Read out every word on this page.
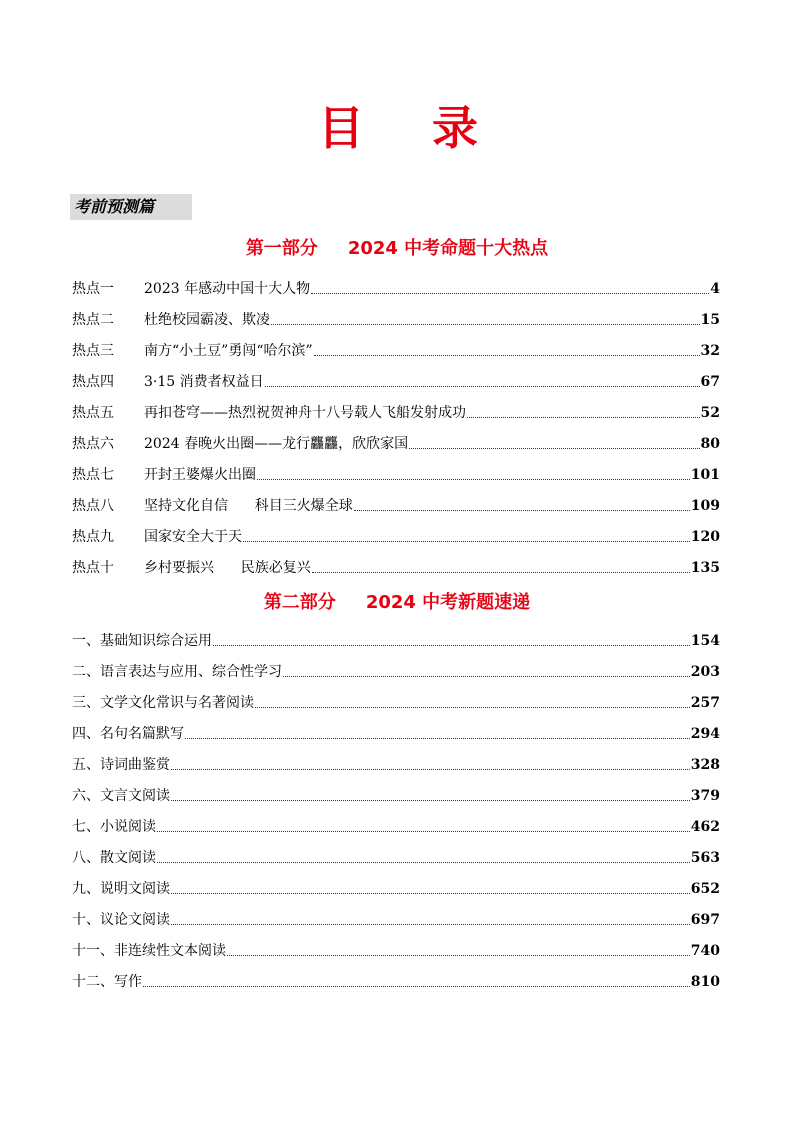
目 录
考前预测篇
第一部分 2024 中考命题十大热点
热点一	2023 年感动中国十大人物	4
热点二	杜绝校园霸凌、欺凌	15
热点三	南方“小土豆”勇闯“哈尔滨”	32
热点四	3·15 消费者权益日	67
热点五	再扣苍穹——热烈祝贺神舟十八号载人飞船发射成功	52
热点六	2024 春晚火出圈——龙行龘龘，欣欣家国	80
热点七	开封王婆爆火出圈	101
热点八	坚持文化自信      科目三火爆全球	109
热点九	国家安全大于天	120
热点十	乡村要振兴      民族必复兴	135
第二部分 2024 中考新题速递
一、基础知识综合运用	154
二、语言表达与应用、综合性学习	203
三、文学文化常识与名著阅读	257
四、名句名篇默写	294
五、诗词曲鉴赏	328
六、文言文阅读	379
七、小说阅读	462
八、散文阅读	563
九、说明文阅读	652
十、议论文阅读	697
十一、非连续性文本阅读	740
十二、写作	810
